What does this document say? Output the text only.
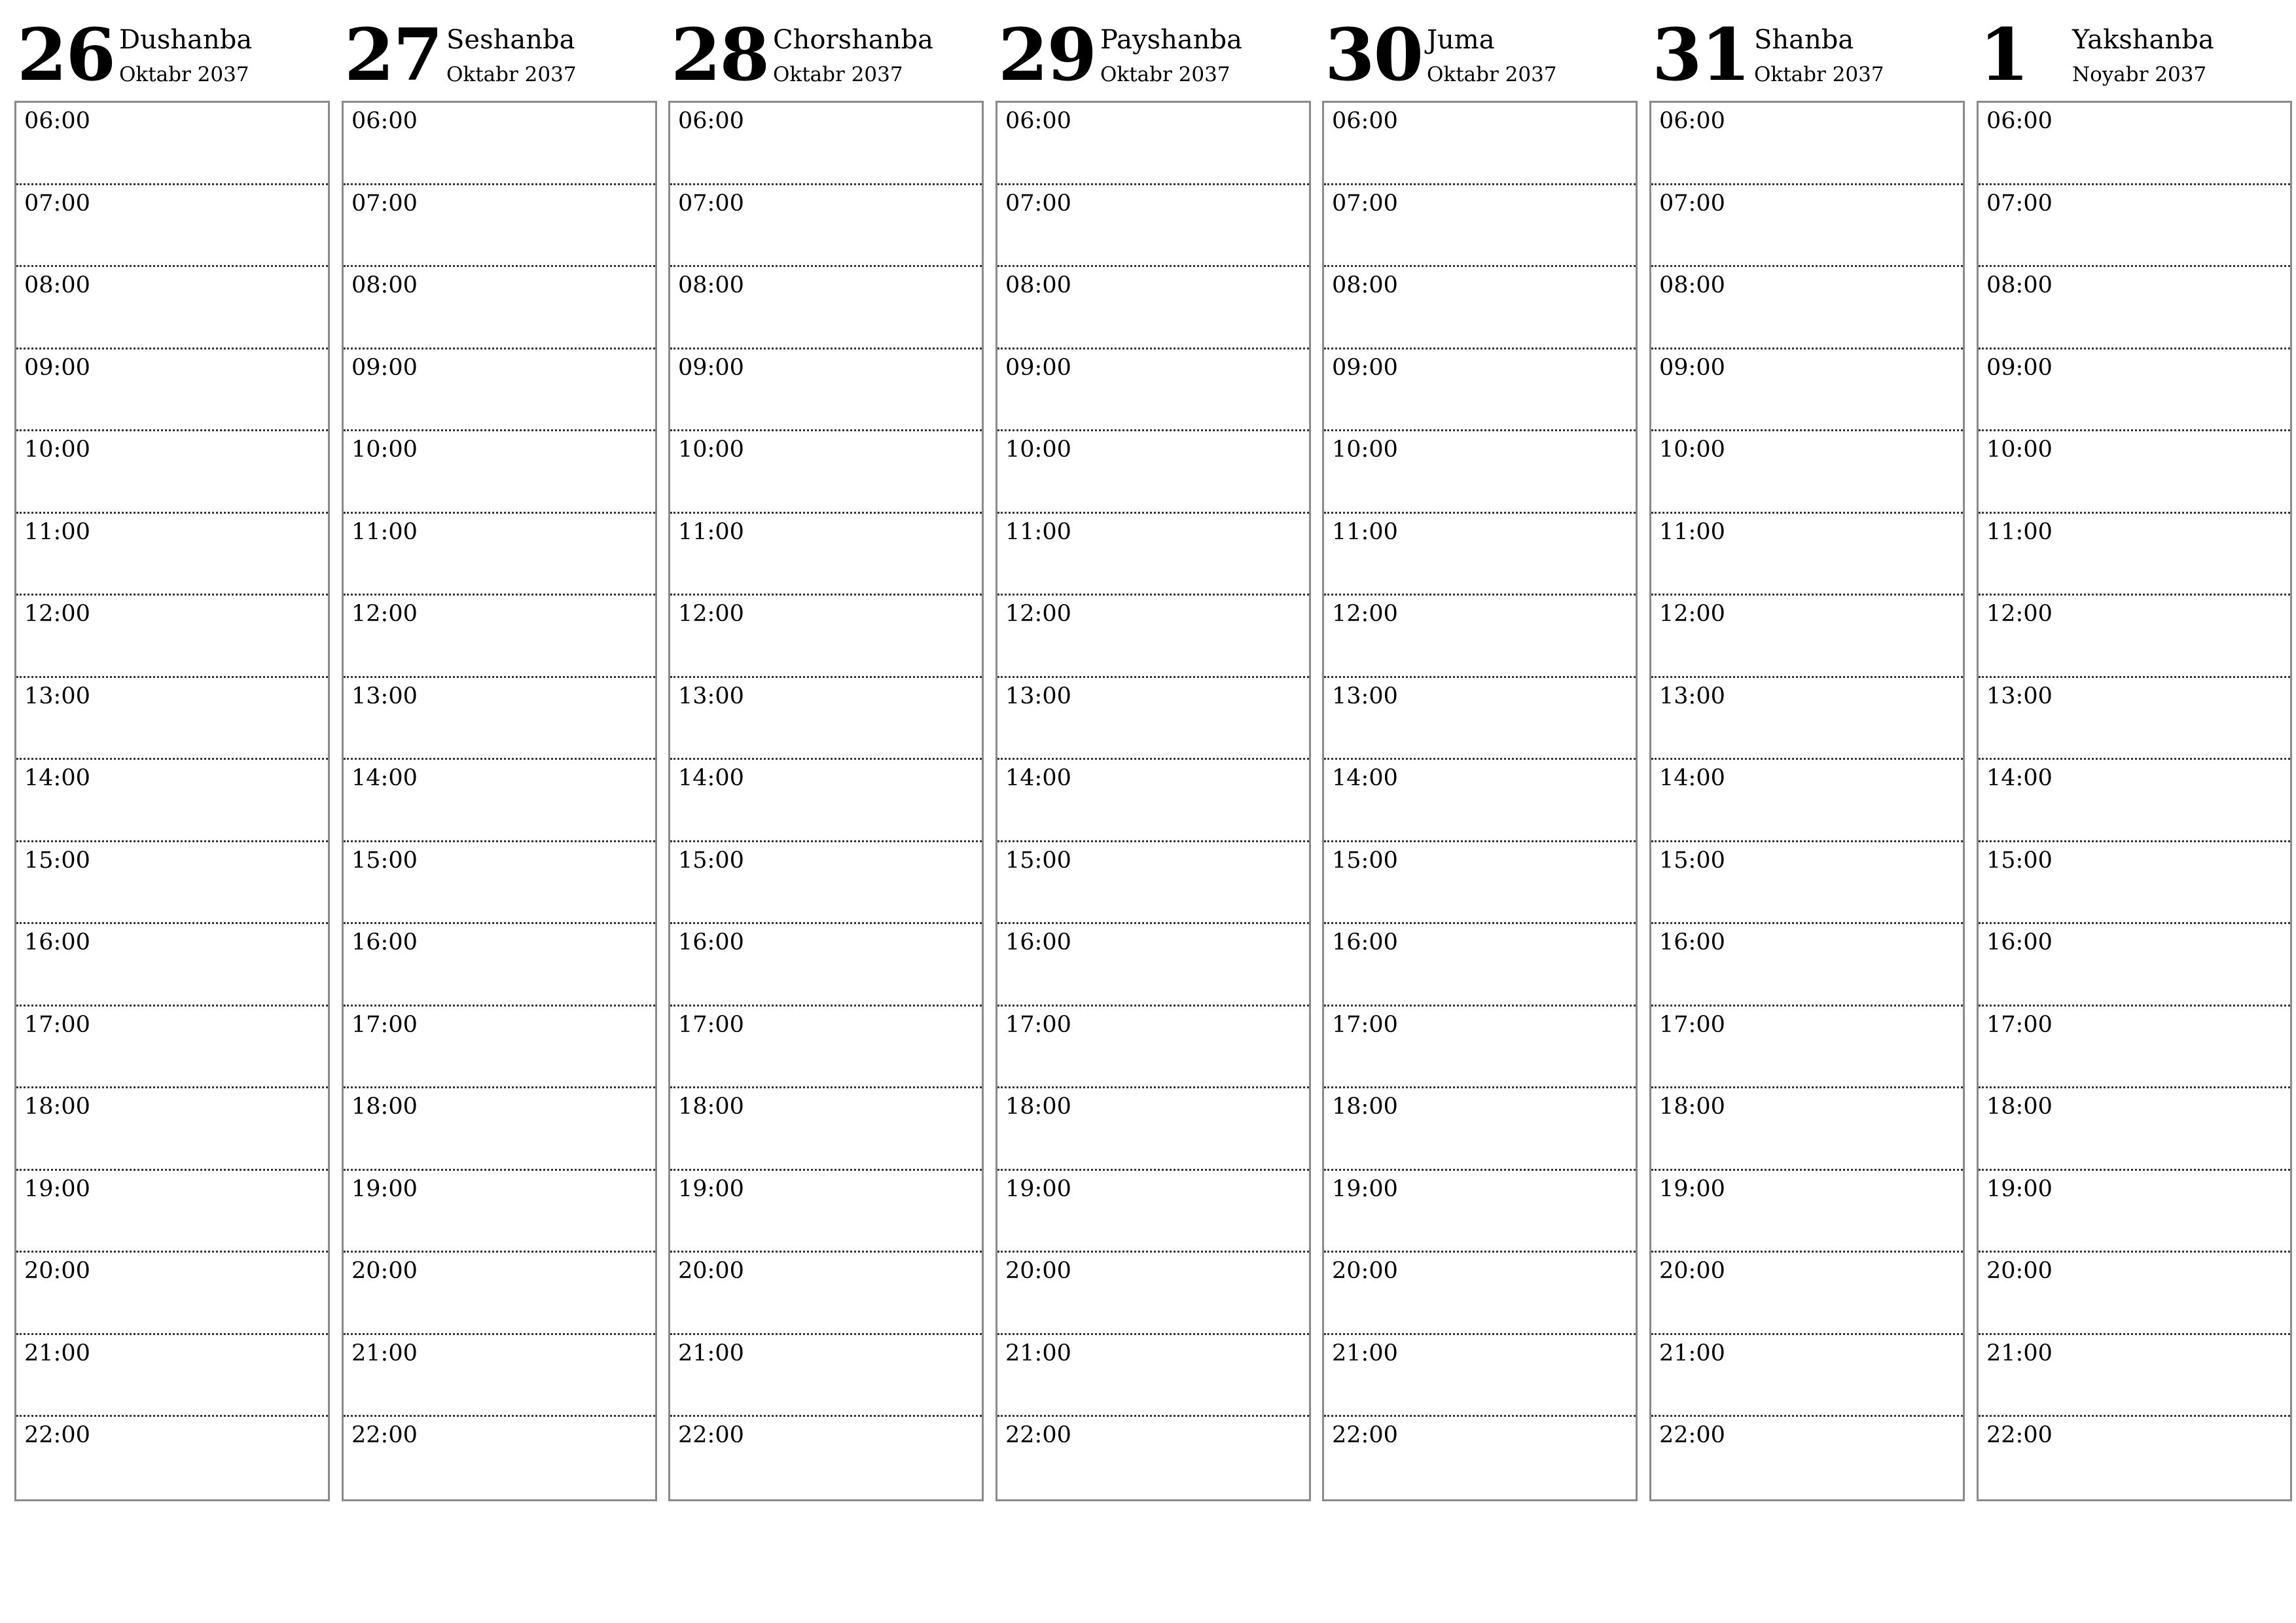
26 Dushanba
Oktabr 2037
06:00
07:00
08:00
09:00
10:00
11:00
12:00
13:00
14:00
15:00
16:00
17:00
18:00
19:00
20:00
21:00
22:00
27 Seshanba
Oktabr 2037
06:00
07:00
08:00
09:00
10:00
11:00
12:00
13:00
14:00
15:00
16:00
17:00
18:00
19:00
20:00
21:00
22:00
28 Chorshanba
Oktabr 2037
06:00
07:00
08:00
09:00
10:00
11:00
12:00
13:00
14:00
15:00
16:00
17:00
18:00
19:00
20:00
21:00
22:00
29 Payshanba
Oktabr 2037
06:00
07:00
08:00
09:00
10:00
11:00
12:00
13:00
14:00
15:00
16:00
17:00
18:00
19:00
20:00
21:00
22:00
30 Juma
Oktabr 2037
06:00
07:00
08:00
09:00
10:00
11:00
12:00
13:00
14:00
15:00
16:00
17:00
18:00
19:00
20:00
21:00
22:00
31 Shanba
Oktabr 2037
06:00
07:00
08:00
09:00
10:00
11:00
12:00
13:00
14:00
15:00
16:00
17:00
18:00
19:00
20:00
21:00
22:00
1 Yakshanba
Noyabr 2037
06:00
07:00
08:00
09:00
10:00
11:00
12:00
13:00
14:00
15:00
16:00
17:00
18:00
19:00
20:00
21:00
22:00
